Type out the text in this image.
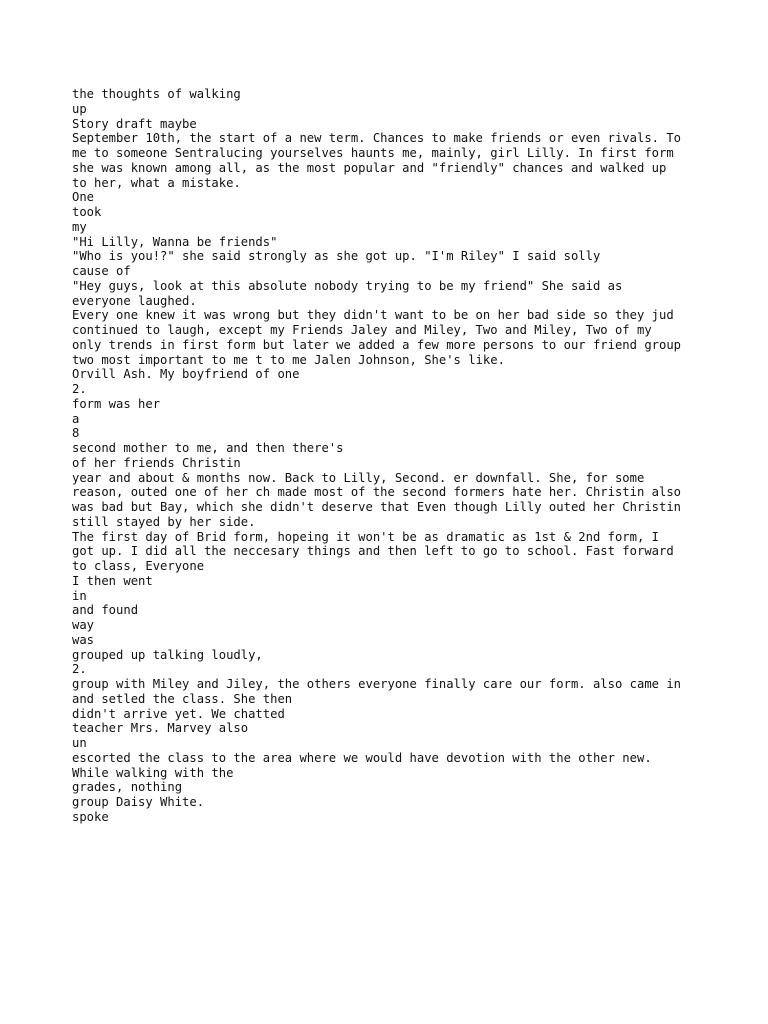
the thoughts of walking
up
Story draft maybe
September 10th, the start of a new term. Chances to make friends or even rivals. To
me to someone Sentralucing yourselves haunts me, mainly, girl Lilly. In first form
she was known among all, as the most popular and "friendly" chances and walked up
to her, what a mistake.
One
took
my
"Hi Lilly, Wanna be friends"
"Who is you!?" she said strongly as she got up. "I'm Riley" I said solly
cause of
"Hey guys, look at this absolute nobody trying to be my friend" She said as
everyone laughed.
Every one knew it was wrong but they didn't want to be on her bad side so they jud
continued to laugh, except my Friends Jaley and Miley, Two and Miley, Two of my
only trends in first form but later we added a few more persons to our friend group
two most important to me t to me Jalen Johnson, She's like.
Orvill Ash. My boyfriend of one
2.
form was her
a
8
second mother to me, and then there's
of her friends Christin
year and about & months now. Back to Lilly, Second. er downfall. She, for some
reason, outed one of her ch made most of the second formers hate her. Christin also
was bad but Bay, which she didn't deserve that Even though Lilly outed her Christin
still stayed by her side.
The first day of Brid form, hopeing it won't be as dramatic as 1st & 2nd form, I
got up. I did all the neccesary things and then left to go to school. Fast forward
to class, Everyone
I then went
in
and found
way
was
grouped up talking loudly,
2.
group with Miley and Jiley, the others everyone finally care our form. also came in
and setled the class. She then
didn't arrive yet. We chatted
teacher Mrs. Marvey also
un
escorted the class to the area where we would have devotion with the other new.
While walking with the
grades, nothing
group Daisy White.
spoke
